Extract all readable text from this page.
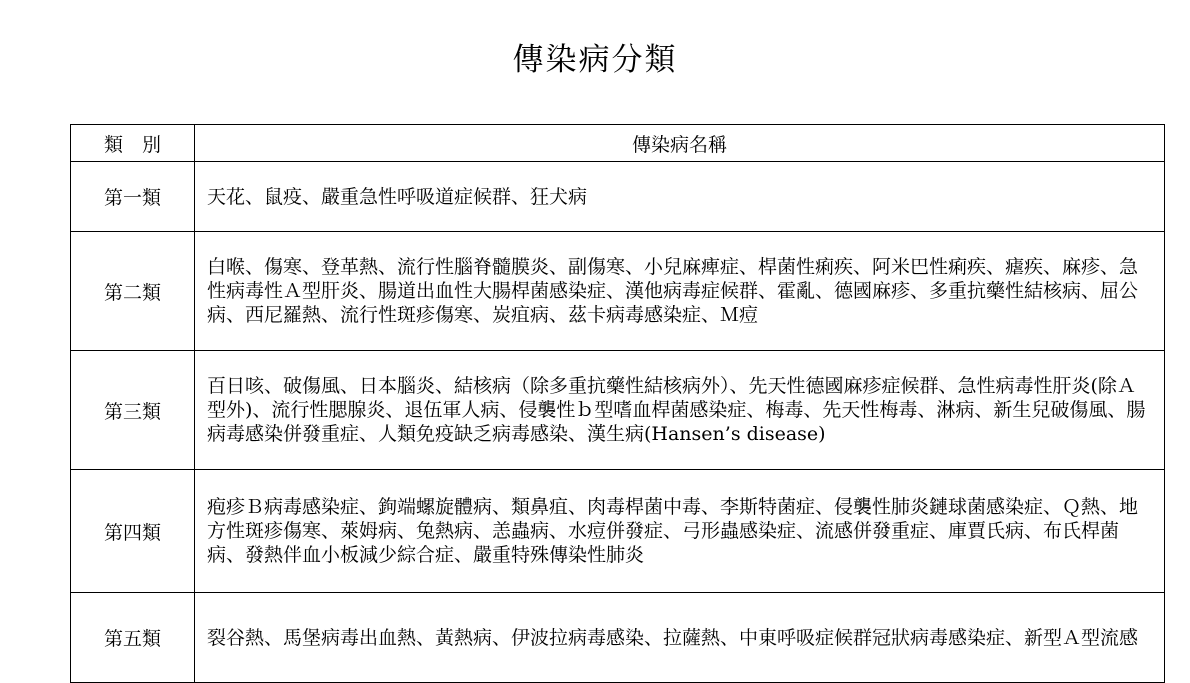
傳染病分類
類　別	傳染病名稱
第一類	天花、鼠疫、嚴重急性呼吸道症候群、狂犬病
第二類	白喉、傷寒、登革熱、流行性腦脊髓膜炎、副傷寒、小兒麻痺症、桿菌性痢疾、阿米巴性痢疾、瘧疾、麻疹、急性病毒性Ａ型肝炎、腸道出血性大腸桿菌感染症、漢他病毒症候群、霍亂、德國麻疹、多重抗藥性結核病、屈公病、西尼羅熱、流行性斑疹傷寒、炭疽病、茲卡病毒感染症、Ｍ痘
第三類	百日咳、破傷風、日本腦炎、結核病（除多重抗藥性結核病外）、先天性德國麻疹症候群、急性病毒性肝炎(除Ａ型外)、流行性腮腺炎、退伍軍人病、侵襲性ｂ型嗜血桿菌感染症、梅毒、先天性梅毒、淋病、新生兒破傷風、腸病毒感染併發重症、人類免疫缺乏病毒感染、漢生病(Hansen’s disease)
第四類	疱疹Ｂ病毒感染症、鉤端螺旋體病、類鼻疽、肉毒桿菌中毒、李斯特菌症、侵襲性肺炎鏈球菌感染症、Ｑ熱、地方性斑疹傷寒、萊姆病、兔熱病、恙蟲病、水痘併發症、弓形蟲感染症、流感併發重症、庫賈氏病、布氏桿菌病、發熱伴血小板減少綜合症、嚴重特殊傳染性肺炎
第五類	裂谷熱、馬堡病毒出血熱、黃熱病、伊波拉病毒感染、拉薩熱、中東呼吸症候群冠狀病毒感染症、新型Ａ型流感
